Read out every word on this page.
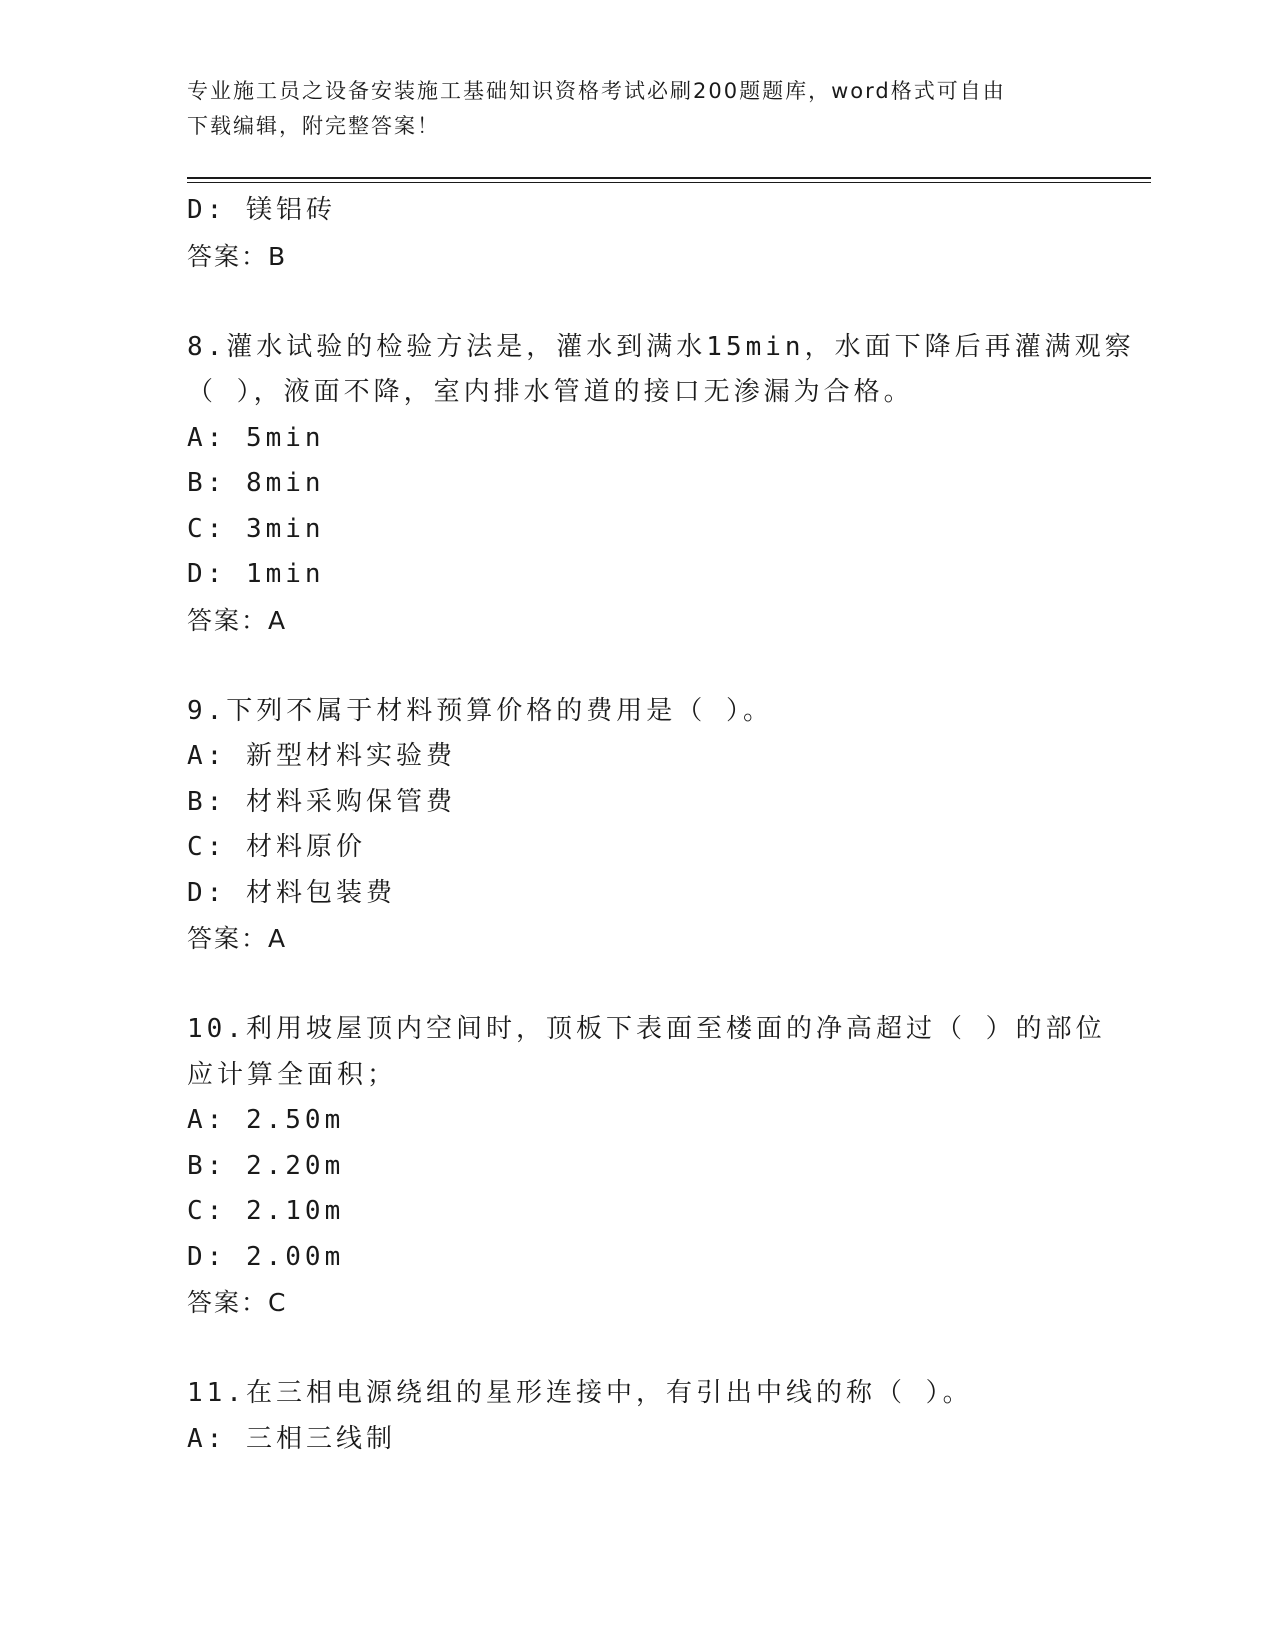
专业施工员之设备安装施工基础知识资格考试必刷200题题库，word格式可自由
下载编辑，附完整答案！
D: 镁铝砖
答案：B
8.灌水试验的检验方法是，灌水到满水15min，水面下降后再灌满观察
（ ），液面不降，室内排水管道的接口无渗漏为合格。
A: 5min
B: 8min
C: 3min
D: 1min
答案：A
9.下列不属于材料预算价格的费用是（ ）。
A: 新型材料实验费
B: 材料采购保管费
C: 材料原价
D: 材料包装费
答案：A
10.利用坡屋顶内空间时，顶板下表面至楼面的净高超过（ ）的部位
应计算全面积；
A: 2.50m
B: 2.20m
C: 2.10m
D: 2.00m
答案：C
11.在三相电源绕组的星形连接中，有引出中线的称（ ）。
A: 三相三线制
